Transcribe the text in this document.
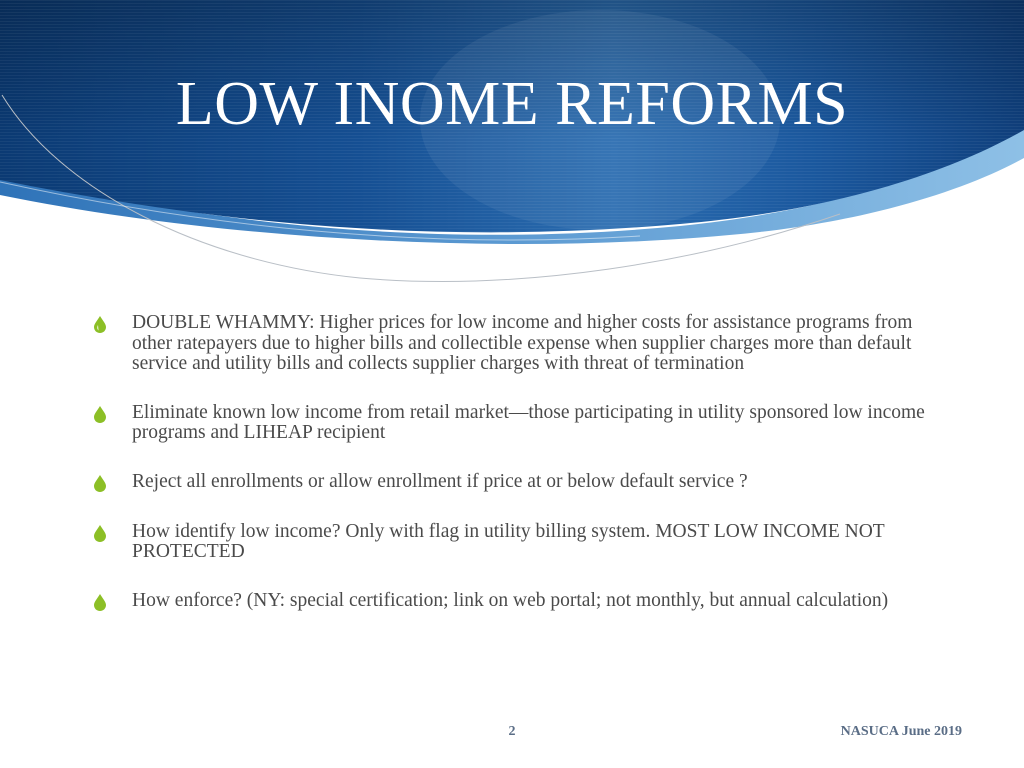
LOW INOME REFORMS
DOUBLE WHAMMY: Higher prices for low income and higher costs for assistance programs from other ratepayers due to higher bills and collectible expense when supplier charges more than default service and utility bills and collects supplier charges with threat of termination
Eliminate known low income from retail market—those participating in utility sponsored low income programs and LIHEAP recipient
Reject all enrollments or allow enrollment if price at or below default service ?
How identify low income? Only with flag in utility billing system. MOST LOW INCOME NOT PROTECTED
How enforce? (NY: special certification; link on web portal; not monthly, but annual calculation)
2	NASUCA June 2019
